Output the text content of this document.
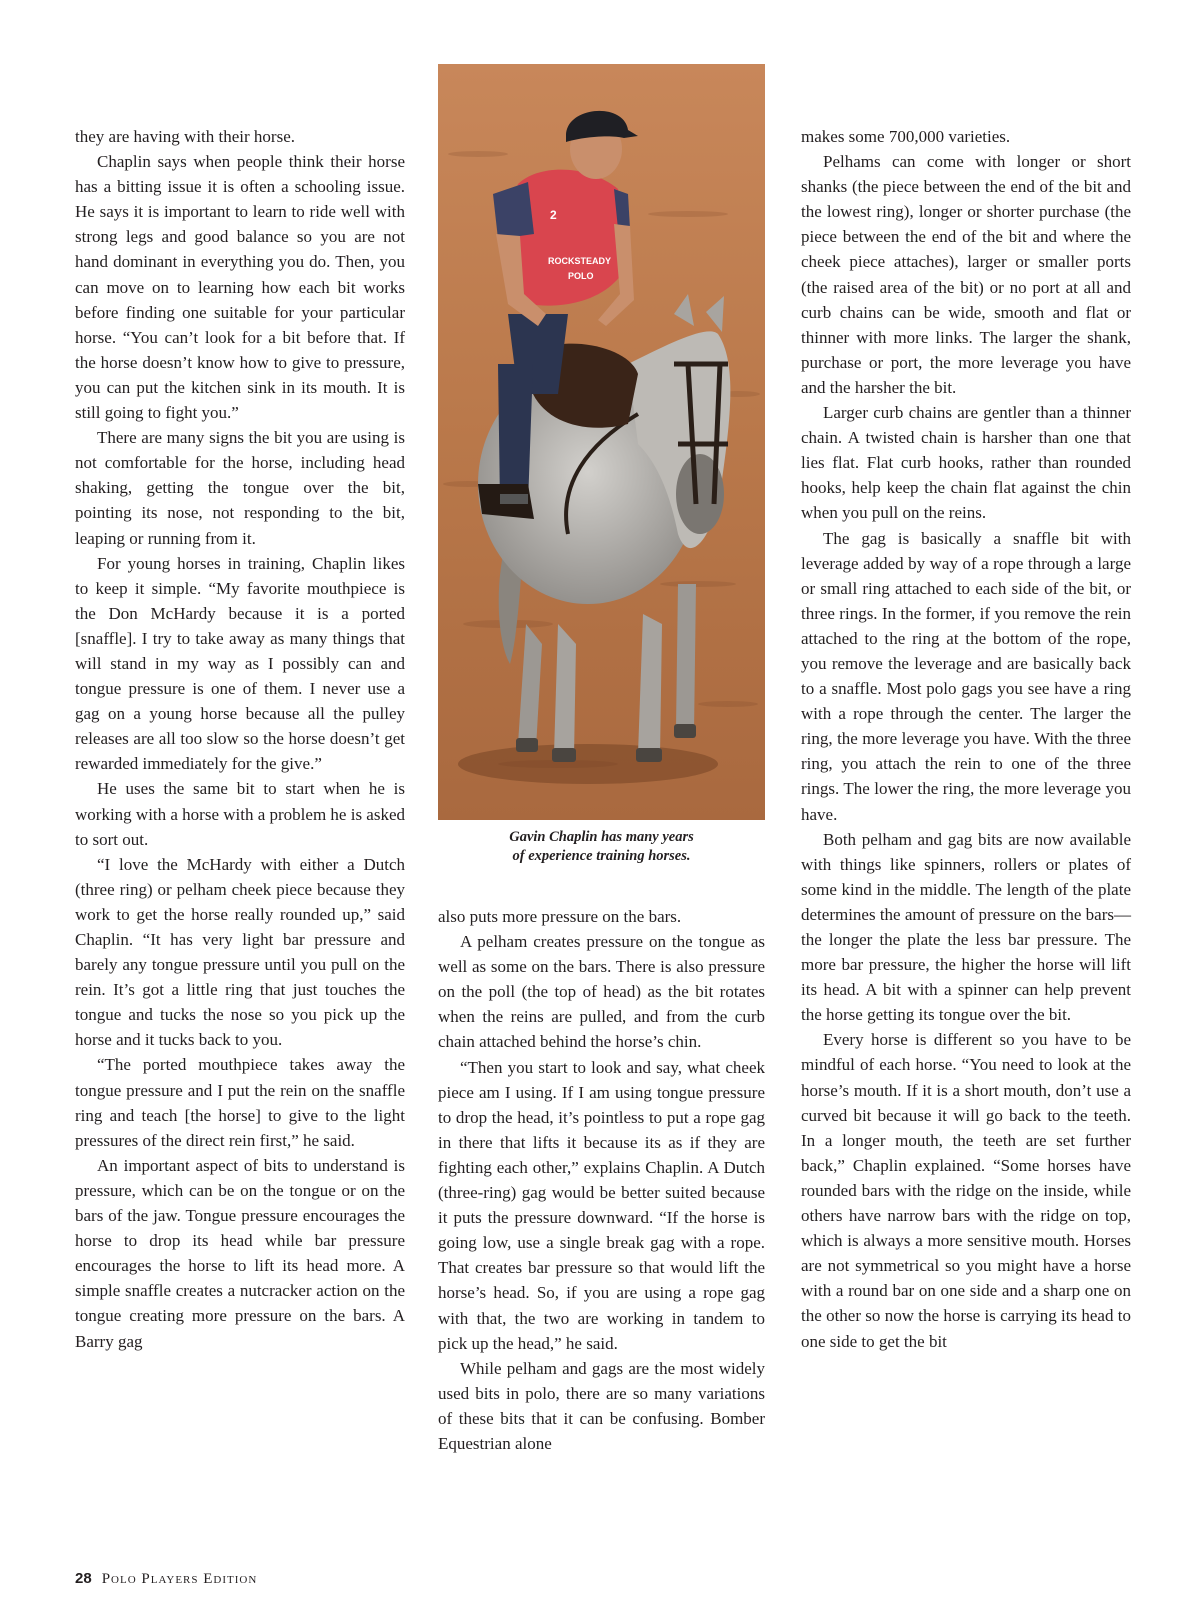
they are having with their horse.

Chaplin says when people think their horse has a bitting issue it is often a schooling issue. He says it is important to learn to ride well with strong legs and good balance so you are not hand dominant in everything you do. Then, you can move on to learning how each bit works before finding one suitable for your particular horse. “You can’t look for a bit before that. If the horse doesn’t know how to give to pressure, you can put the kitchen sink in its mouth. It is still going to fight you.”

There are many signs the bit you are using is not comfortable for the horse, including head shaking, getting the tongue over the bit, pointing its nose, not responding to the bit, leaping or running from it.

For young horses in training, Chaplin likes to keep it simple. “My favorite mouthpiece is the Don McHardy because it is a ported [snaffle]. I try to take away as many things that will stand in my way as I possibly can and tongue pressure is one of them. I never use a gag on a young horse because all the pulley releases are all too slow so the horse doesn’t get rewarded immediately for the give.”

He uses the same bit to start when he is working with a horse with a problem he is asked to sort out.

“I love the McHardy with either a Dutch (three ring) or pelham cheek piece because they work to get the horse really rounded up,” said Chaplin. “It has very light bar pressure and barely any tongue pressure until you pull on the rein. It’s got a little ring that just touches the tongue and tucks the nose so you pick up the horse and it tucks back to you.

“The ported mouthpiece takes away the tongue pressure and I put the rein on the snaffle ring and teach [the horse] to give to the light pressures of the direct rein first,” he said.

An important aspect of bits to understand is pressure, which can be on the tongue or on the bars of the jaw. Tongue pressure encourages the horse to drop its head while bar pressure encourages the horse to lift its head more. A simple snaffle creates a nutcracker action on the tongue creating more pressure on the bars. A Barry gag

2
ROCKSTEADY
POLO
Gavin Chaplin has many years
of experience training horses.

also puts more pressure on the bars.

A pelham creates pressure on the tongue as well as some on the bars. There is also pressure on the poll (the top of head) as the bit rotates when the reins are pulled, and from the curb chain attached behind the horse’s chin.

“Then you start to look and say, what cheek piece am I using. If I am using tongue pressure to drop the head, it’s pointless to put a rope gag in there that lifts it because its as if they are fighting each other,” explains Chaplin. A Dutch (three-ring) gag would be better suited because it puts the pressure downward. “If the horse is going low, use a single break gag with a rope. That creates bar pressure so that would lift the horse’s head. So, if you are using a rope gag with that, the two are working in tandem to pick up the head,” he said.

While pelham and gags are the most widely used bits in polo, there are so many variations of these bits that it can be confusing. Bomber Equestrian alone

makes some 700,000 varieties.

Pelhams can come with longer or short shanks (the piece between the end of the bit and the lowest ring), longer or shorter purchase (the piece between the end of the bit and where the cheek piece attaches), larger or smaller ports (the raised area of the bit) or no port at all and curb chains can be wide, smooth and flat or thinner with more links. The larger the shank, purchase or port, the more leverage you have and the harsher the bit.

Larger curb chains are gentler than a thinner chain. A twisted chain is harsher than one that lies flat. Flat curb hooks, rather than rounded hooks, help keep the chain flat against the chin when you pull on the reins.

The gag is basically a snaffle bit with leverage added by way of a rope through a large or small ring attached to each side of the bit, or three rings. In the former, if you remove the rein attached to the ring at the bottom of the rope, you remove the leverage and are basically back to a snaffle. Most polo gags you see have a ring with a rope through the center. The larger the ring, the more leverage you have. With the three ring, you attach the rein to one of the three rings. The lower the ring, the more leverage you have.

Both pelham and gag bits are now available with things like spinners, rollers or plates of some kind in the middle. The length of the plate determines the amount of pressure on the bars—the longer the plate the less bar pressure. The more bar pressure, the higher the horse will lift its head. A bit with a spinner can help prevent the horse getting its tongue over the bit.

Every horse is different so you have to be mindful of each horse. “You need to look at the horse’s mouth. If it is a short mouth, don’t use a curved bit because it will go back to the teeth. In a longer mouth, the teeth are set further back,” Chaplin explained. “Some horses have rounded bars with the ridge on the inside, while others have narrow bars with the ridge on top, which is always a more sensitive mouth. Horses are not symmetrical so you might have a horse with a round bar on one side and a sharp one on the other so now the horse is carrying its head to one side to get the bit

28 Polo Players Edition
